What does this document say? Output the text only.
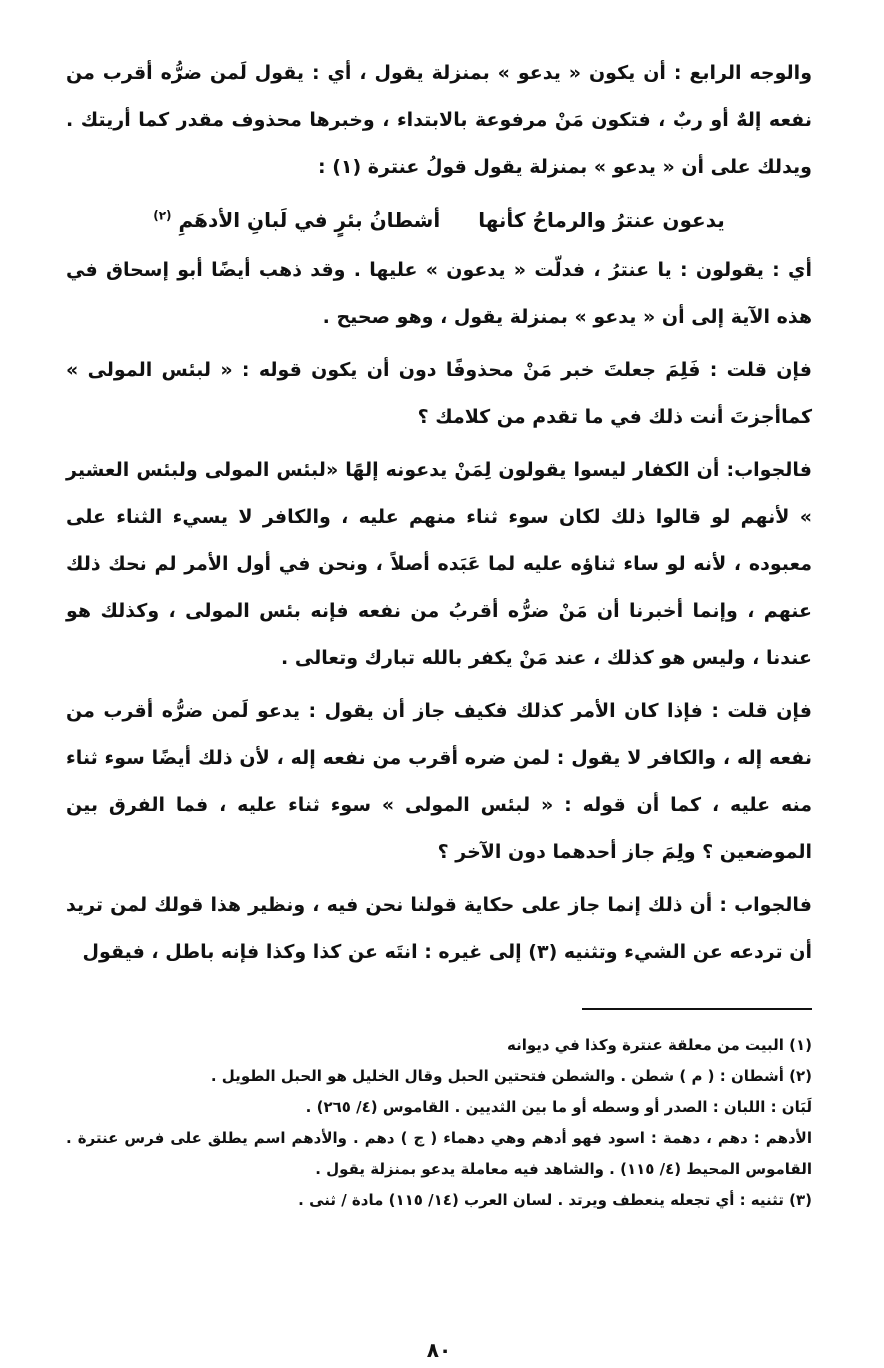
والوجه الرابع : أن يكون « يدعو » بمنزلة يقول ، أي : يقول لَمن ضرُّه أقرب من نفعه إلهٌ أو ربٌ ، فتكون مَنْ مرفوعة بالابتداء ، وخبرها محذوف مقدر كما أريتك . ويدلك على أن « يدعو » بمنزلة يقول قولُ عنترة (١) :

يدعون عنترُ والرماحُ كأنها
أشطانُ بئرٍ في لَبانِ الأدهَمِ $^{(٢)}$

أي : يقولون : يا عنترُ ، فدلّت « يدعون » عليها . وقد ذهب أيضًا أبو إسحاق في هذه الآية إلى أن « يدعو » بمنزلة يقول ، وهو صحيح .

فإن قلت : فَلِمَ جعلتَ خبر مَنْ محذوفًا دون أن يكون قوله : « لبئس المولى » كماأجزتَ أنت ذلك في ما تقدم من كلامك ؟

فالجواب: أن الكفار ليسوا يقولون لِمَنْ يدعونه إلهًا «لبئس المولى ولبئس العشير » لأنهم لو قالوا ذلك لكان سوء ثناء منهم عليه ، والكافر لا يسيء الثناء على معبوده ، لأنه لو ساء ثناؤه عليه لما عَبَده أصلاً ، ونحن في أول الأمر لم نحك ذلك عنهم ، وإنما أخبرنا أن مَنْ ضرُّه أقربُ من نفعه فإنه بئس المولى ، وكذلك هو عندنا ، وليس هو كذلك ، عند مَنْ يكفر بالله تبارك وتعالى .

فإن قلت : فإذا كان الأمر كذلك فكيف جاز أن يقول : يدعو لَمن ضرُّه أقرب من نفعه إله ، والكافر لا يقول : لمن ضره أقرب من نفعه إله ، لأن ذلك أيضًا سوء ثناء منه عليه ، كما أن قوله : « لبئس المولى » سوء ثناء عليه ، فما الفرق بين الموضعين ؟ ولِمَ جاز أحدهما دون الآخر ؟

فالجواب : أن ذلك إنما جاز على حكاية قولنا نحن فيه ، ونظير هذا قولك لمن تريد أن تردعه عن الشيء وتثنيه (٣) إلى غيره : انتَه عن كذا وكذا فإنه باطل ، فيقول

(١) البيت من معلقة عنترة وكذا في ديوانه

(٢) أشطان : ( م ) شطن . والشطن فتحتين الحبل وقال الخليل هو الحبل الطويل .

لَبَان : اللبان : الصدر أو وسطه أو ما بين الثديين . القاموس (٤/ ٢٦٥) .

الأدهم : دهم ، دهمة : اسود فهو أدهم وهي دهماء ( ج ) دهم . والأدهم اسم يطلق على فرس عنترة . القاموس المحيط (٤/ ١١٥) . والشاهد فيه معاملة يدعو بمنزلة يقول .

(٣) تثنيه : أي تجعله ينعطف ويرتد . لسان العرب (١٤/ ١١٥) مادة / ثنى .

٨٠
